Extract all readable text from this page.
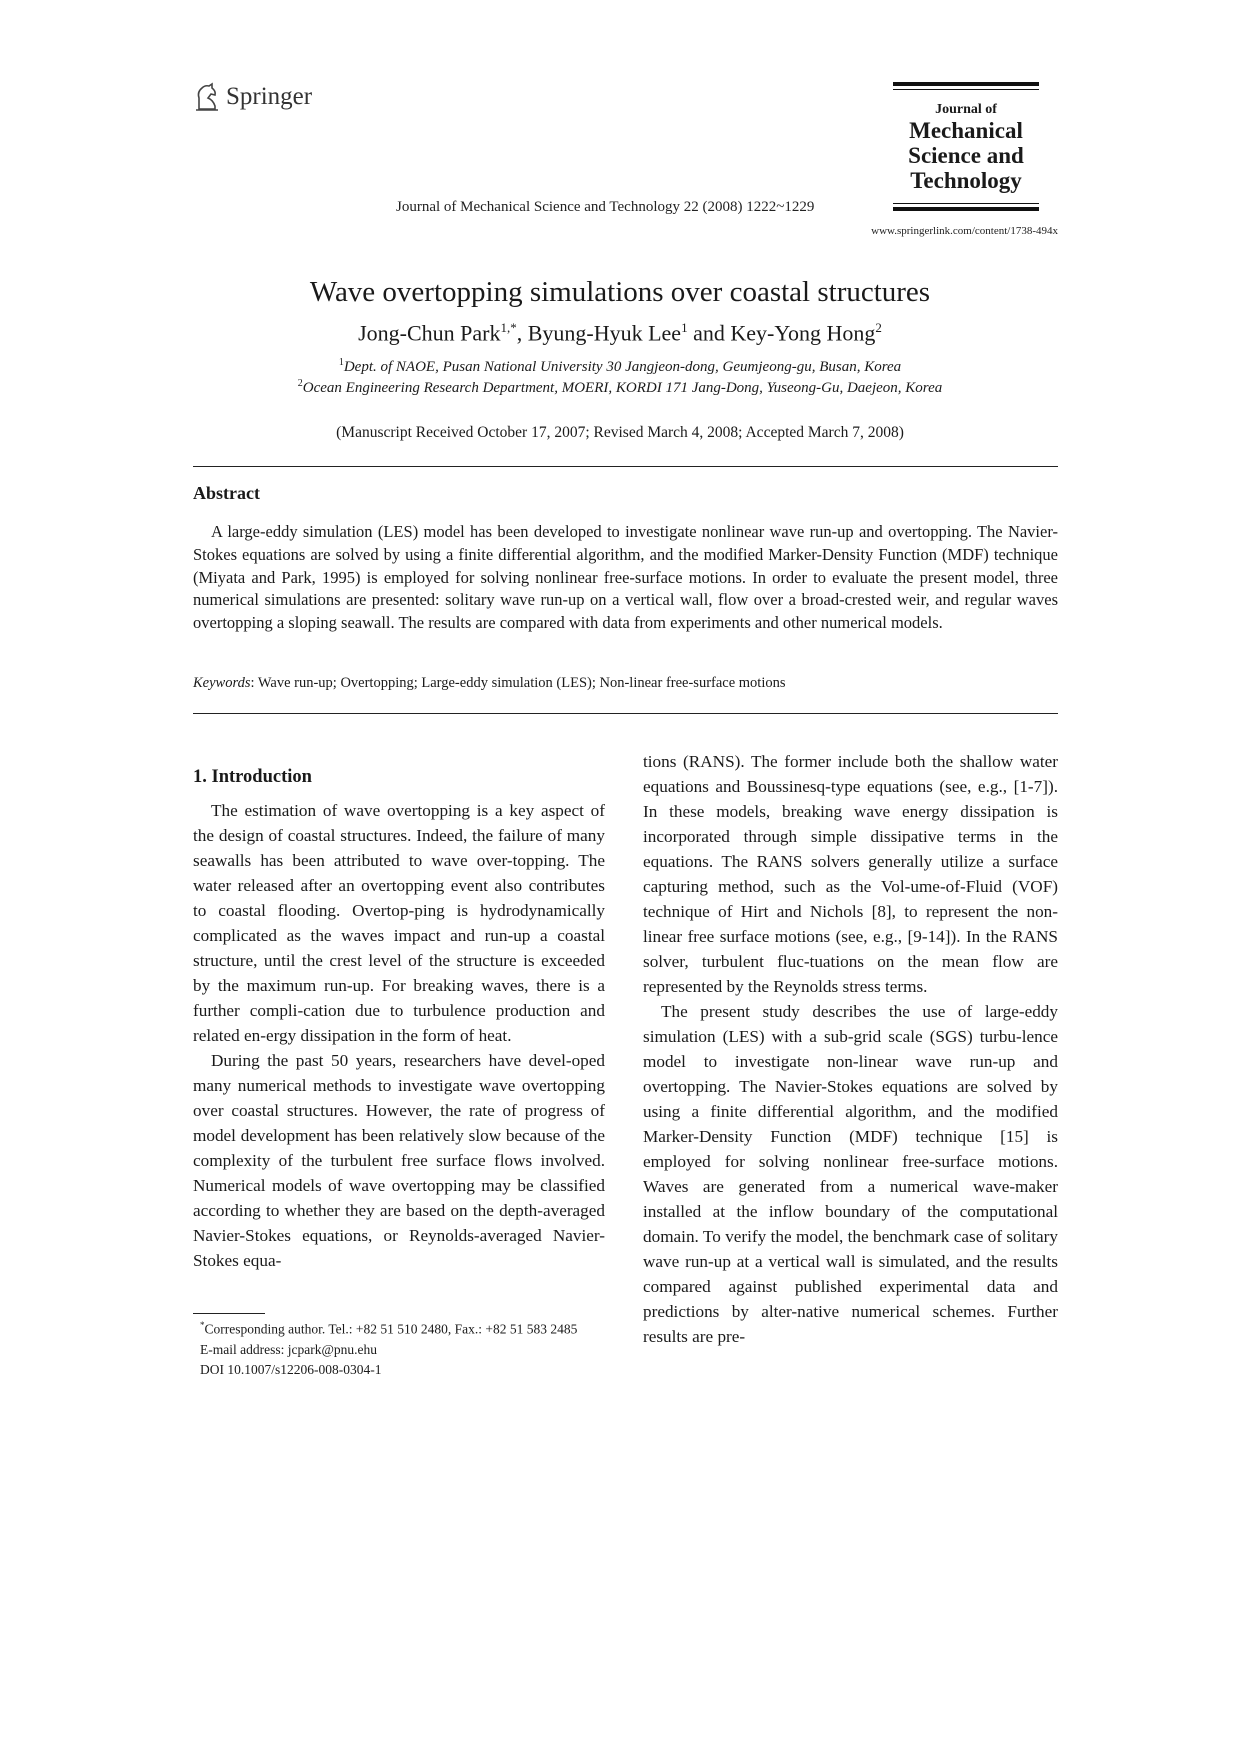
Springer	Journal of
Mechanical
Science and
Technology
Journal of Mechanical Science and Technology 22 (2008) 1222~1229
www.springerlink.com/content/1738-494x
Wave overtopping simulations over coastal structures
Jong-Chun Park$^{1,*}$, Byung-Hyuk Lee$^1$ and Key-Yong Hong$^2$
$^1$Dept. of NAOE, Pusan National University 30 Jangjeon-dong, Geumjeong-gu, Busan, Korea
$^2$Ocean Engineering Research Department, MOERI, KORDI 171 Jang-Dong, Yuseong-Gu, Daejeon, Korea
(Manuscript Received October 17, 2007; Revised March 4, 2008; Accepted March 7, 2008)
Abstract
A large-eddy simulation (LES) model has been developed to investigate nonlinear wave run-up and overtopping. The Navier-Stokes equations are solved by using a finite differential algorithm, and the modified Marker-Density Function (MDF) technique (Miyata and Park, 1995) is employed for solving nonlinear free-surface motions. In order to evaluate the present model, three numerical simulations are presented: solitary wave run-up on a vertical wall, flow over a broad-crested weir, and regular waves overtopping a sloping seawall. The results are compared with data from experiments and other numerical models.
Keywords: Wave run-up; Overtopping; Large-eddy simulation (LES); Non-linear free-surface motions
1. Introduction

The estimation of wave overtopping is a key aspect of the design of coastal structures. Indeed, the failure of many seawalls has been attributed to wave over-topping. The water released after an overtopping event also contributes to coastal flooding. Overtop-ping is hydrodynamically complicated as the waves impact and run-up a coastal structure, until the crest level of the structure is exceeded by the maximum run-up. For breaking waves, there is a further compli-cation due to turbulence production and related en-ergy dissipation in the form of heat.

During the past 50 years, researchers have devel-oped many numerical methods to investigate wave overtopping over coastal structures. However, the rate of progress of model development has been relatively slow because of the complexity of the turbulent free surface flows involved. Numerical models of wave overtopping may be classified according to whether they are based on the depth-averaged Navier-Stokes equations, or Reynolds-averaged Navier-Stokes equa-

tions (RANS). The former include both the shallow water equations and Boussinesq-type equations (see, e.g., [1-7]). In these models, breaking wave energy dissipation is incorporated through simple dissipative terms in the equations. The RANS solvers generally utilize a surface capturing method, such as the Vol-ume-of-Fluid (VOF) technique of Hirt and Nichols [8], to represent the non-linear free surface motions (see, e.g., [9-14]). In the RANS solver, turbulent fluc-tuations on the mean flow are represented by the Reynolds stress terms.

The present study describes the use of large-eddy simulation (LES) with a sub-grid scale (SGS) turbu-lence model to investigate non-linear wave run-up and overtopping. The Navier-Stokes equations are solved by using a finite differential algorithm, and the modified Marker-Density Function (MDF) technique [15] is employed for solving nonlinear free-surface motions. Waves are generated from a numerical wave-maker installed at the inflow boundary of the computational domain. To verify the model, the benchmark case of solitary wave run-up at a vertical wall is simulated, and the results compared against published experimental data and predictions by alter-native numerical schemes. Further results are pre-

*Corresponding author. Tel.: +82 51 510 2480, Fax.: +82 51 583 2485
E-mail address: jcpark@pnu.ehu
DOI 10.1007/s12206-008-0304-1
